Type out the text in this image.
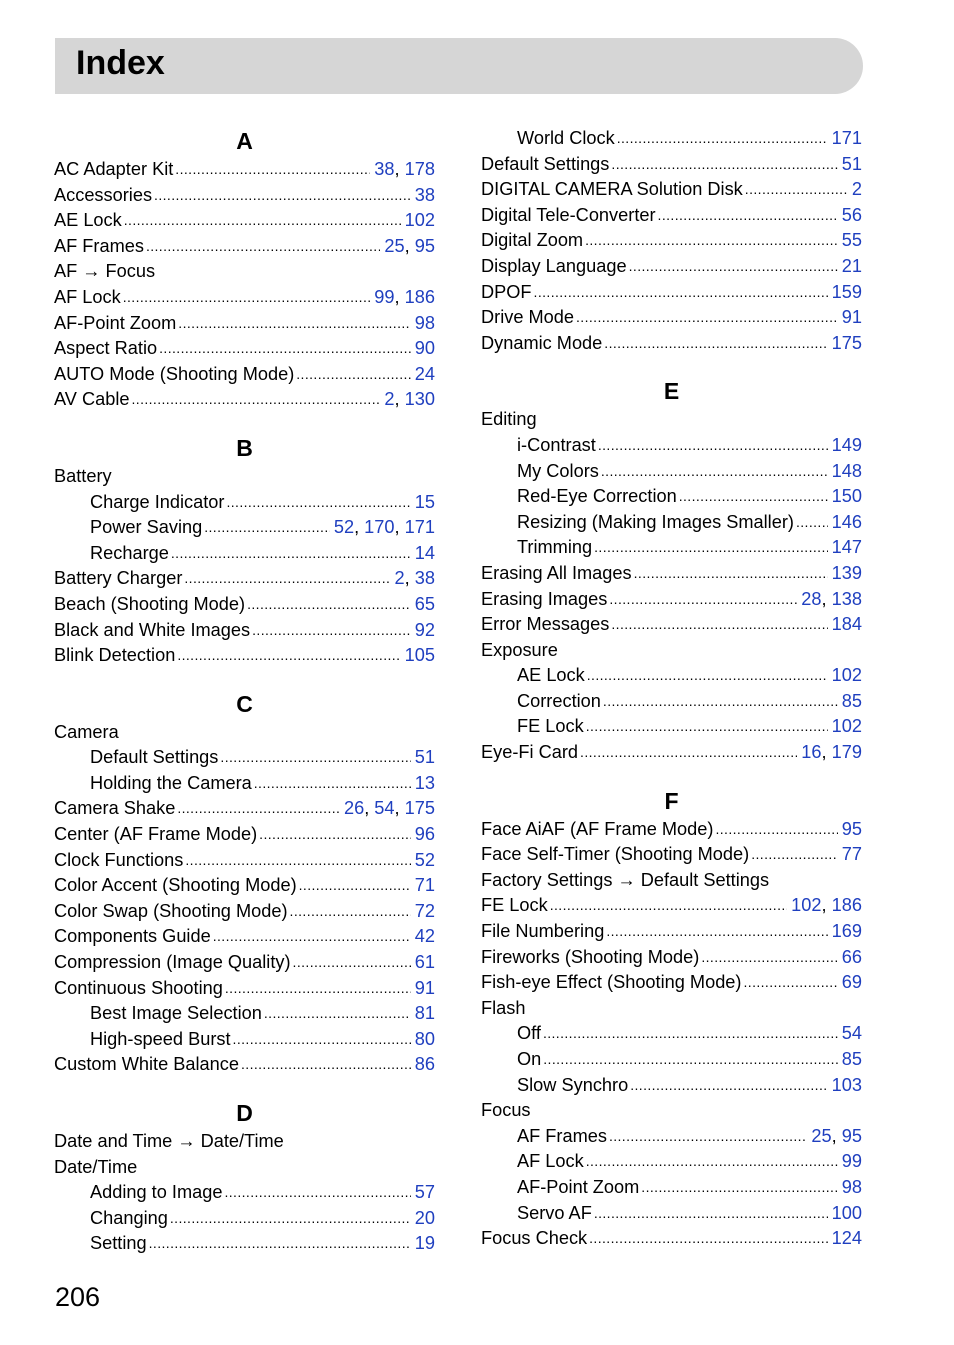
Index
A
AC Adapter Kit .....	38, 178
Accessories .....	38
AE Lock .....	102
AF Frames .....	25, 95
AF → Focus
AF Lock .....	99, 186
AF-Point Zoom .....	98
Aspect Ratio .....	90
AUTO Mode (Shooting Mode) .....	24
AV Cable .....	2, 130
B
Battery
Charge Indicator .....	15
Power Saving .....	52, 170, 171
Recharge .....	14
Battery Charger .....	2, 38
Beach (Shooting Mode) .....	65
Black and White Images .....	92
Blink Detection .....	105
C
Camera
Default Settings .....	51
Holding the Camera .....	13
Camera Shake .....	26, 54, 175
Center (AF Frame Mode) .....	96
Clock Functions .....	52
Color Accent (Shooting Mode) .....	71
Color Swap (Shooting Mode) .....	72
Components Guide .....	42
Compression (Image Quality) .....	61
Continuous Shooting .....	91
Best Image Selection .....	81
High-speed Burst .....	80
Custom White Balance .....	86
D
Date and Time → Date/Time
Date/Time
Adding to Image .....	57
Changing .....	20
Setting .....	19
World Clock .....	171
Default Settings .....	51
DIGITAL CAMERA Solution Disk .....	2
Digital Tele-Converter .....	56
Digital Zoom .....	55
Display Language .....	21
DPOF .....	159
Drive Mode .....	91
Dynamic Mode .....	175
E
Editing
i-Contrast .....	149
My Colors .....	148
Red-Eye Correction .....	150
Resizing (Making Images Smaller) ..... 146
Trimming .....	147
Erasing All Images .....	139
Erasing Images .....	28, 138
Error Messages .....	184
Exposure
AE Lock .....	102
Correction .....	85
FE Lock .....	102
Eye-Fi Card .....	16, 179
F
Face AiAF (AF Frame Mode) .....	95
Face Self-Timer (Shooting Mode) .....	77
Factory Settings → Default Settings
FE Lock .....	102, 186
File Numbering .....	169
Fireworks (Shooting Mode) .....	66
Fish-eye Effect (Shooting Mode) .....	69
Flash
Off .....	54
On .....	85
Slow Synchro .....	103
Focus
AF Frames .....	25, 95
AF Lock .....	99
AF-Point Zoom .....	98
Servo AF .....	100
Focus Check .....	124
206
